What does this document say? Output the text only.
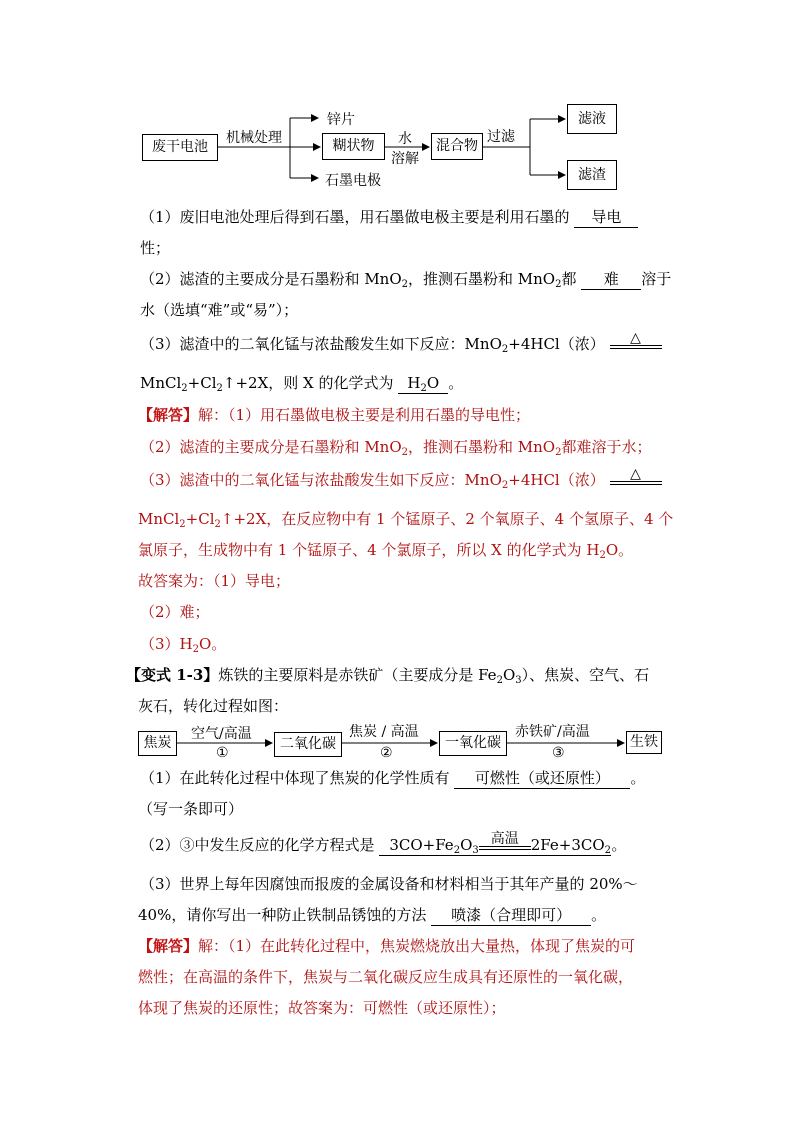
废干电池
机械处理
锌片
糊状物	水
溶解
混合物
过滤
滤液
滤渣
石墨电极
（1）废旧电池处理后得到石墨，用石墨做电极主要是利用石墨的 导电
性；
（2）滤渣的主要成分是石墨粉和 MnO$_2$，推测石墨粉和 MnO$_2$都 难 溶于
水（选填“难”或“易”）；
（3）滤渣中的二氧化锰与浓盐酸发生如下反应：MnO$_2$+4HCl（浓）	△
$MnCl_2+Cl_2↑+2X$，则 X 的化学式为 $H_2O$ 。
【解答】解：（1）用石墨做电极主要是利用石墨的导电性；
（2）滤渣的主要成分是石墨粉和 MnO$_2$，推测石墨粉和 MnO$_2$都难溶于水；
（3）滤渣中的二氧化锰与浓盐酸发生如下反应：MnO$_2$+4HCl（浓）	△
$MnCl_2+Cl_2↑+2X$，在反应物中有 1 个锰原子、2 个氧原子、4 个氢原子、4 个
氯原子，生成物中有 1 个锰原子、4 个氯原子，所以 X 的化学式为 $H_2O$。
故答案为：（1）导电；
（2）难；
$(3)H_2O$。
【变式 1-3】炼铁的主要原料是赤铁矿（主要成分是 $Fe_2O_3$）、焦炭、空气、石
灰石，转化过程如图：
焦炭
空气/高温
①
二氧化碳
焦炭 / 高温
②
一氧化碳
赤铁矿/高温
③
生铁
（1）在此转化过程中体现了焦炭的化学性质有 可燃性（或还原性） 。
（写一条即可）
（2）③中发生反应的化学方程式是 $3CO+Fe_2O_3$
高温 $2Fe+3CO_2$。
（3）世界上每年因腐蚀而报废的金属设备和材料相当于其年产量的 20%～
40%，请你写出一种防止铁制品锈蚀的方法 喷漆（合理即可） 。
【解答】解：（1）在此转化过程中，焦炭燃烧放出大量热，体现了焦炭的可
燃性；在高温的条件下，焦炭与二氧化碳反应生成具有还原性的一氧化碳，
体现了焦炭的还原性；故答案为：可燃性（或还原性）；
